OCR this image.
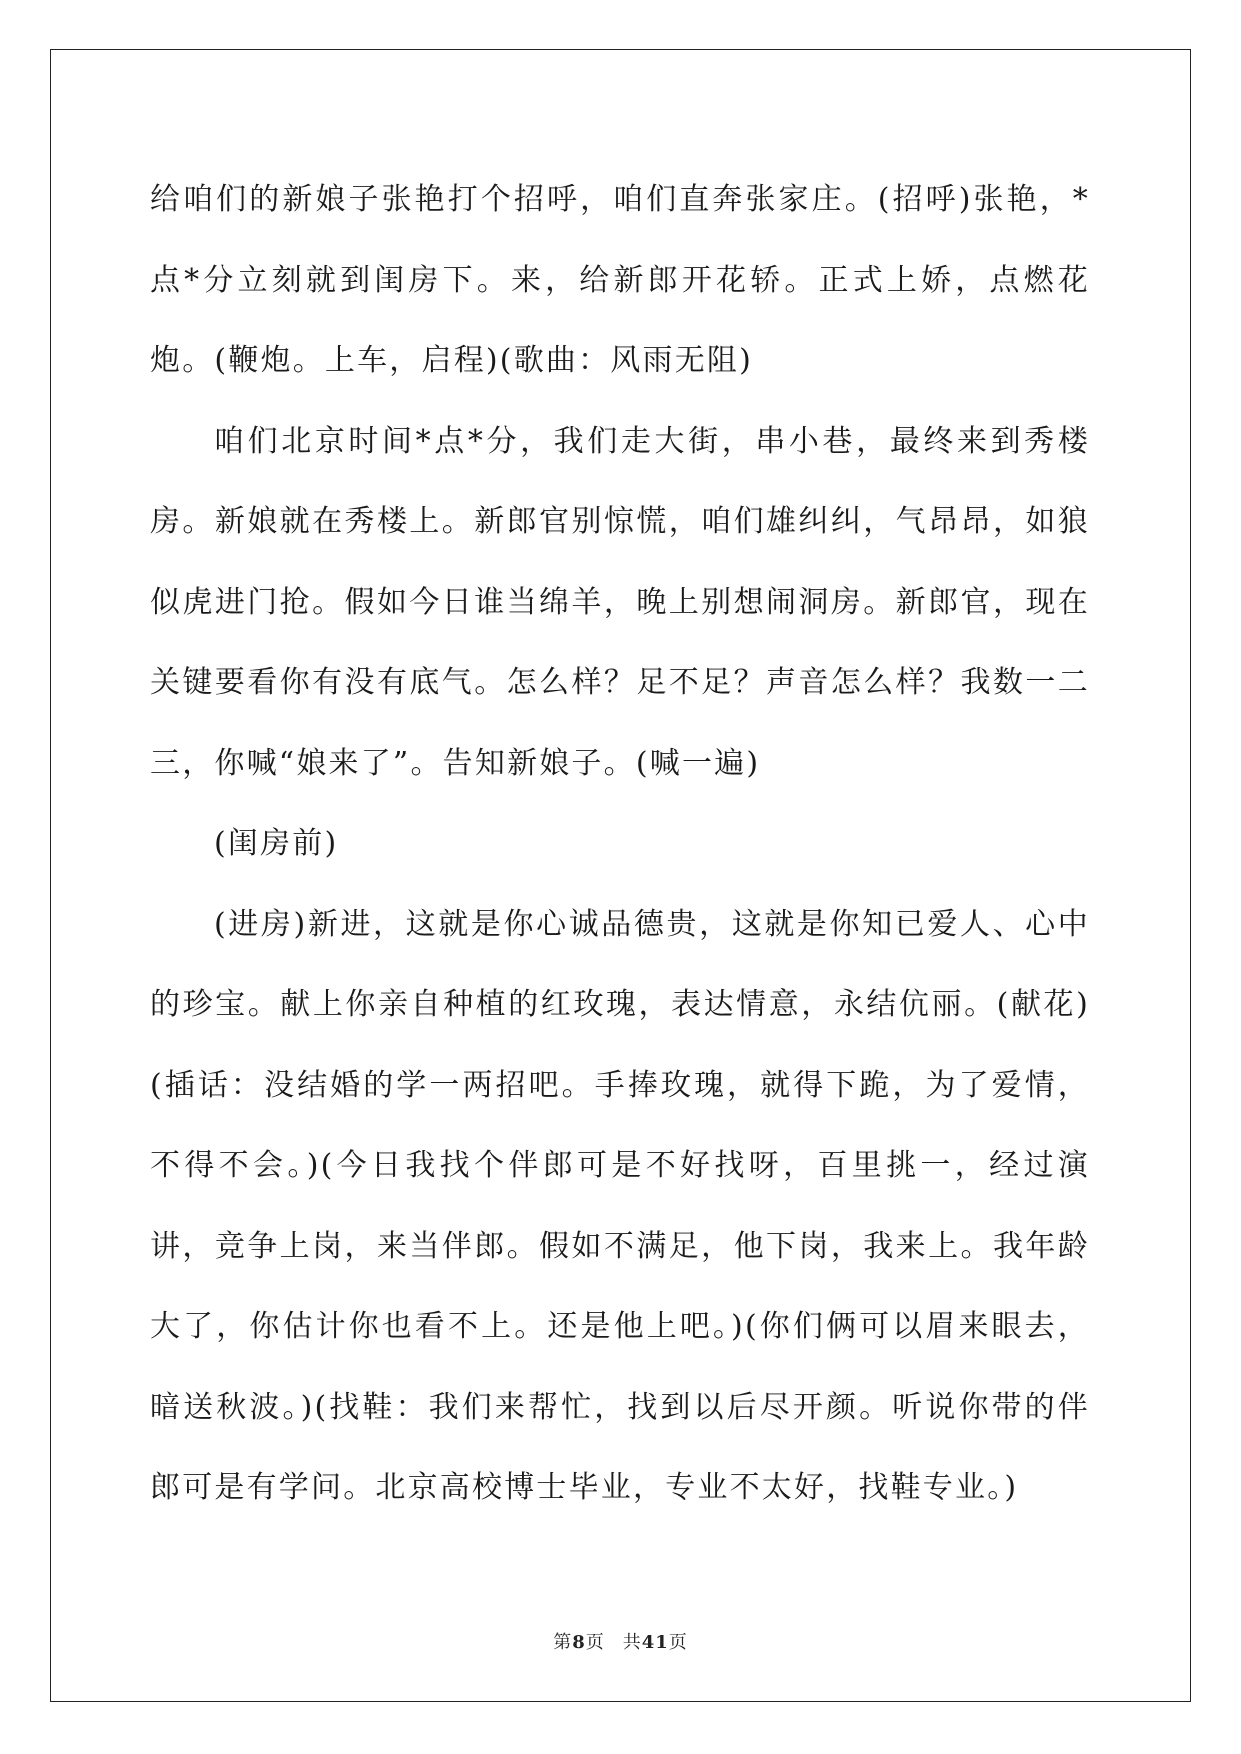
给咱们的新娘子张艳打个招呼，咱们直奔张家庄。(招呼)张艳，*点*分立刻就到闺房下。来，给新郎开花轿。正式上娇，点燃花炮。(鞭炮。上车，启程)(歌曲：风雨无阻)

咱们北京时间*点*分，我们走大街，串小巷，最终来到秀楼房。新娘就在秀楼上。新郎官别惊慌，咱们雄纠纠，气昂昂，如狼似虎进门抢。假如今日谁当绵羊，晚上别想闹洞房。新郎官，现在关键要看你有没有底气。怎么样？足不足？声音怎么样？我数一二三，你喊“娘来了”。告知新娘子。(喊一遍)

(闺房前)

(进房)新进，这就是你心诚品德贵，这就是你知已爱人、心中的珍宝。献上你亲自种植的红玫瑰，表达情意，永结伉丽。(献花)(插话：没结婚的学一两招吧。手捧玫瑰，就得下跪，为了爱情，不得不会。)(今日我找个伴郎可是不好找呀，百里挑一，经过演讲，竞争上岗，来当伴郎。假如不满足，他下岗，我来上。我年龄大了，你估计你也看不上。还是他上吧。)(你们俩可以眉来眼去，暗送秋波。)(找鞋：我们来帮忙，找到以后尽开颜。听说你带的伴郎可是有学问。北京高校博士毕业，专业不太好，找鞋专业。)

第8页 共41页
